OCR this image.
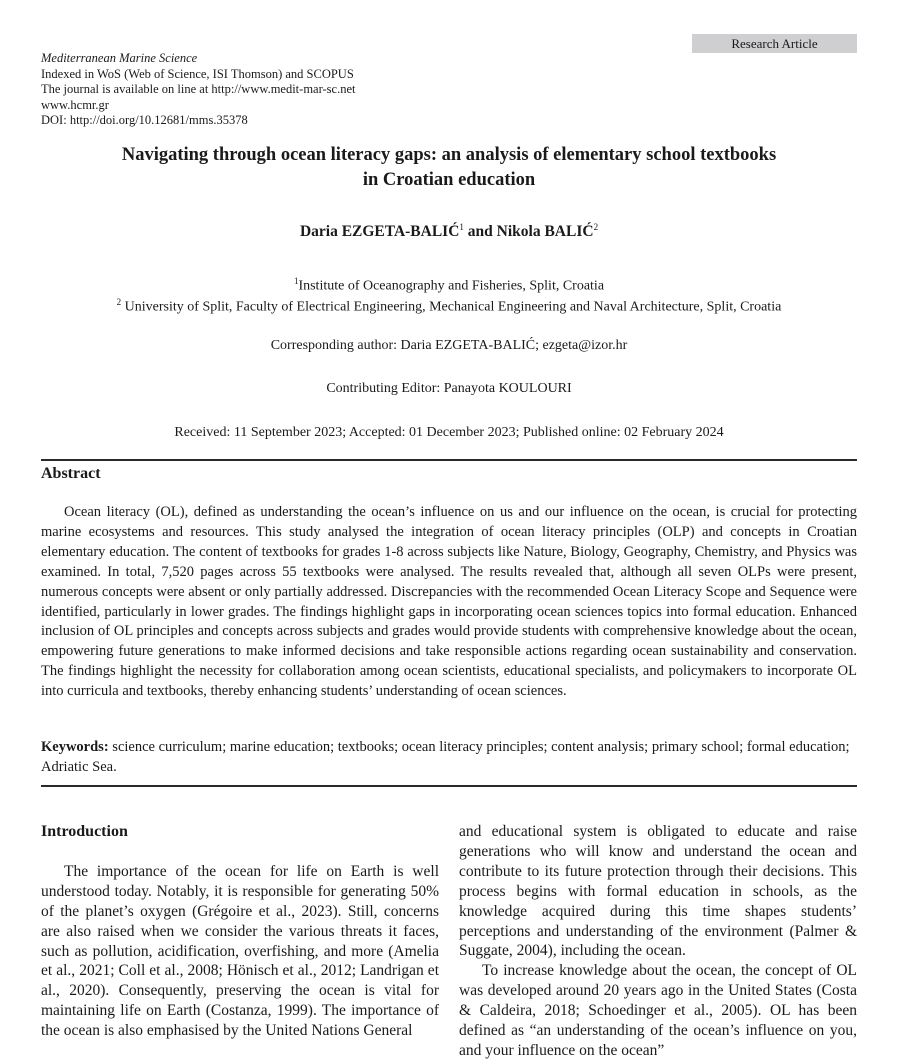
Research Article
Mediterranean Marine Science
Indexed in WoS (Web of Science, ISI Thomson) and SCOPUS
The journal is available on line at http://www.medit-mar-sc.net
www.hcmr.gr
DOI: http://doi.org/10.12681/mms.35378
Navigating through ocean literacy gaps: an analysis of elementary school textbooks
in Croatian education
Daria EZGETA-BALIĆ$^1$ and Nikola BALIĆ$^2$
$^1$Institute of Oceanography and Fisheries, Split, Croatia
$^2$ University of Split, Faculty of Electrical Engineering, Mechanical Engineering and Naval Architecture, Split, Croatia
Corresponding author: Daria EZGETA-BALIĆ; ezgeta@izor.hr
Contributing Editor: Panayota KOULOURI
Received: 11 September 2023; Accepted: 01 December 2023; Published online: 02 February 2024
Abstract
Ocean literacy (OL), defined as understanding the ocean’s influence on us and our influence on the ocean, is crucial for protecting marine ecosystems and resources. This study analysed the integration of ocean literacy principles (OLP) and concepts in Croatian elementary education. The content of textbooks for grades 1-8 across subjects like Nature, Biology, Geography, Chemistry, and Physics was examined. In total, 7,520 pages across 55 textbooks were analysed. The results revealed that, although all seven OLPs were present, numerous concepts were absent or only partially addressed. Discrepancies with the recommended Ocean Literacy Scope and Sequence were identified, particularly in lower grades. The findings highlight gaps in incorporating ocean sciences topics into formal education. Enhanced inclusion of OL principles and concepts across subjects and grades would provide students with comprehensive knowledge about the ocean, empowering future generations to make informed decisions and take responsible actions regarding ocean sustainability and conservation. The findings highlight the necessity for collaboration among ocean scientists, educational specialists, and policymakers to incorporate OL into curricula and textbooks, thereby enhancing students’ understanding of ocean sciences.
Keywords: science curriculum; marine education; textbooks; ocean literacy principles; content analysis; primary school; formal education; Adriatic Sea.
Introduction

The importance of the ocean for life on Earth is well understood today. Notably, it is responsible for generating 50% of the planet’s oxygen (Grégoire et al., 2023). Still, concerns are also raised when we consider the various threats it faces, such as pollution, acidification, overfishing, and more (Amelia et al., 2021; Coll et al., 2008; Hönisch et al., 2012; Landrigan et al., 2020). Consequently, preserving the ocean is vital for maintaining life on Earth (Costanza, 1999). The importance of the ocean is also emphasised by the United Nations General

and educational system is obligated to educate and raise generations who will know and understand the ocean and contribute to its future protection through their decisions. This process begins with formal education in schools, as the knowledge acquired during this time shapes students’ perceptions and understanding of the environment (Palmer & Suggate, 2004), including the ocean.

To increase knowledge about the ocean, the concept of OL was developed around 20 years ago in the United States (Costa & Caldeira, 2018; Schoedinger et al., 2005). OL has been defined as “an understanding of the ocean’s influence on you, and your influence on the ocean”
